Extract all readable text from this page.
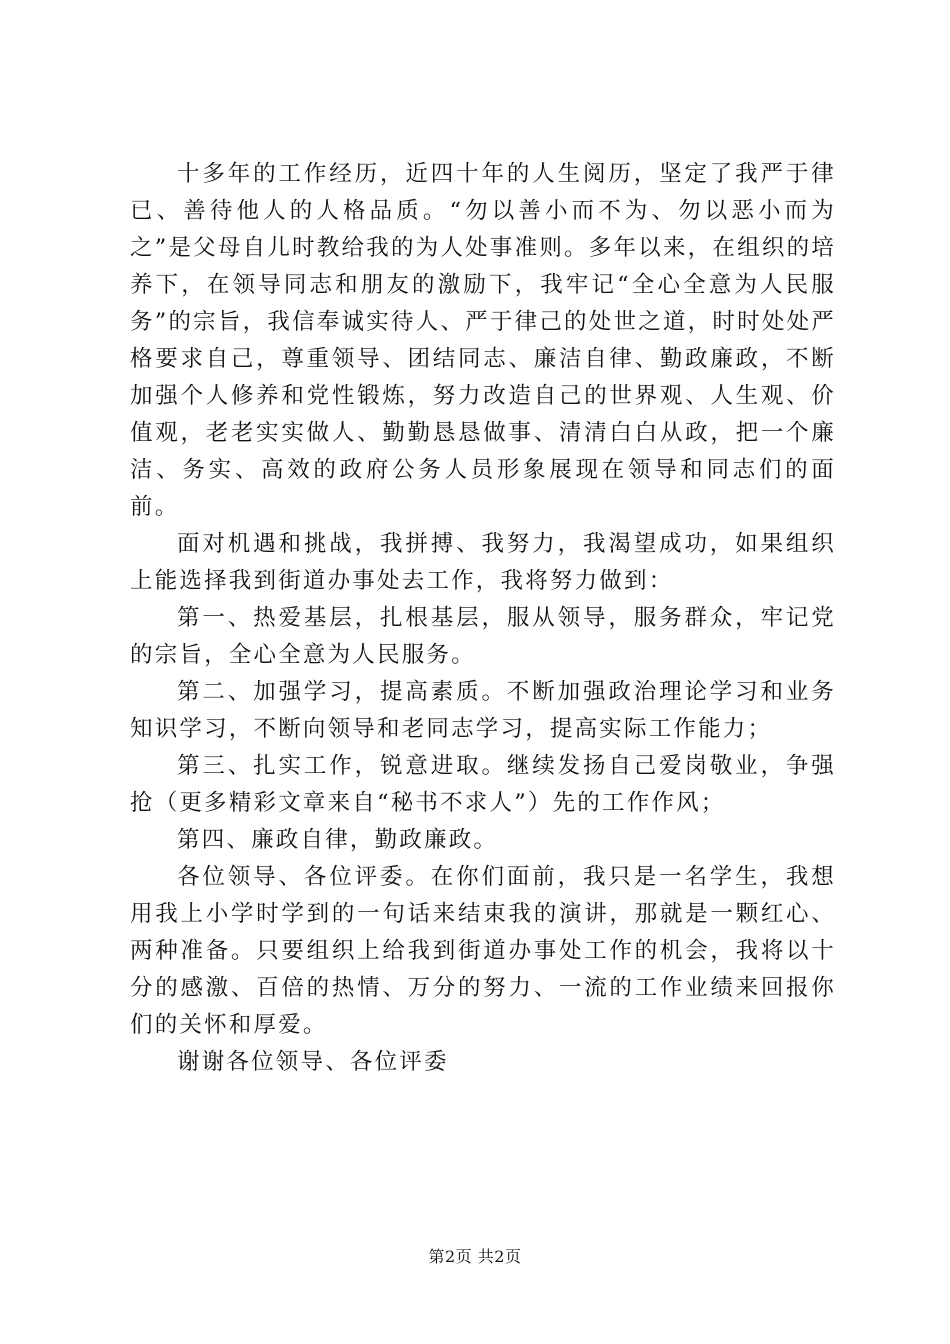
十多年的工作经历，近四十年的人生阅历，坚定了我严于律已、善待他人的人格品质。“勿以善小而不为、勿以恶小而为之”是父母自儿时教给我的为人处事准则。多年以来，在组织的培养下，在领导同志和朋友的激励下，我牢记“全心全意为人民服务”的宗旨，我信奉诚实待人、严于律己的处世之道，时时处处严格要求自己，尊重领导、团结同志、廉洁自律、勤政廉政，不断加强个人修养和党性锻炼，努力改造自己的世界观、人生观、价值观，老老实实做人、勤勤恳恳做事、清清白白从政，把一个廉洁、务实、高效的政府公务人员形象展现在领导和同志们的面前。

面对机遇和挑战，我拼搏、我努力，我渴望成功，如果组织上能选择我到街道办事处去工作，我将努力做到：

第一、热爱基层，扎根基层，服从领导，服务群众，牢记党的宗旨，全心全意为人民服务。

第二、加强学习，提高素质。不断加强政治理论学习和业务知识学习，不断向领导和老同志学习，提高实际工作能力；

第三、扎实工作，锐意进取。继续发扬自己爱岗敬业，争强抢（更多精彩文章来自“秘书不求人”）先的工作作风；

第四、廉政自律，勤政廉政。

各位领导、各位评委。在你们面前，我只是一名学生，我想用我上小学时学到的一句话来结束我的演讲，那就是一颗红心、两种准备。只要组织上给我到街道办事处工作的机会，我将以十分的感激、百倍的热情、万分的努力、一流的工作业绩来回报你们的关怀和厚爱。

谢谢各位领导、各位评委

第2页 共2页
